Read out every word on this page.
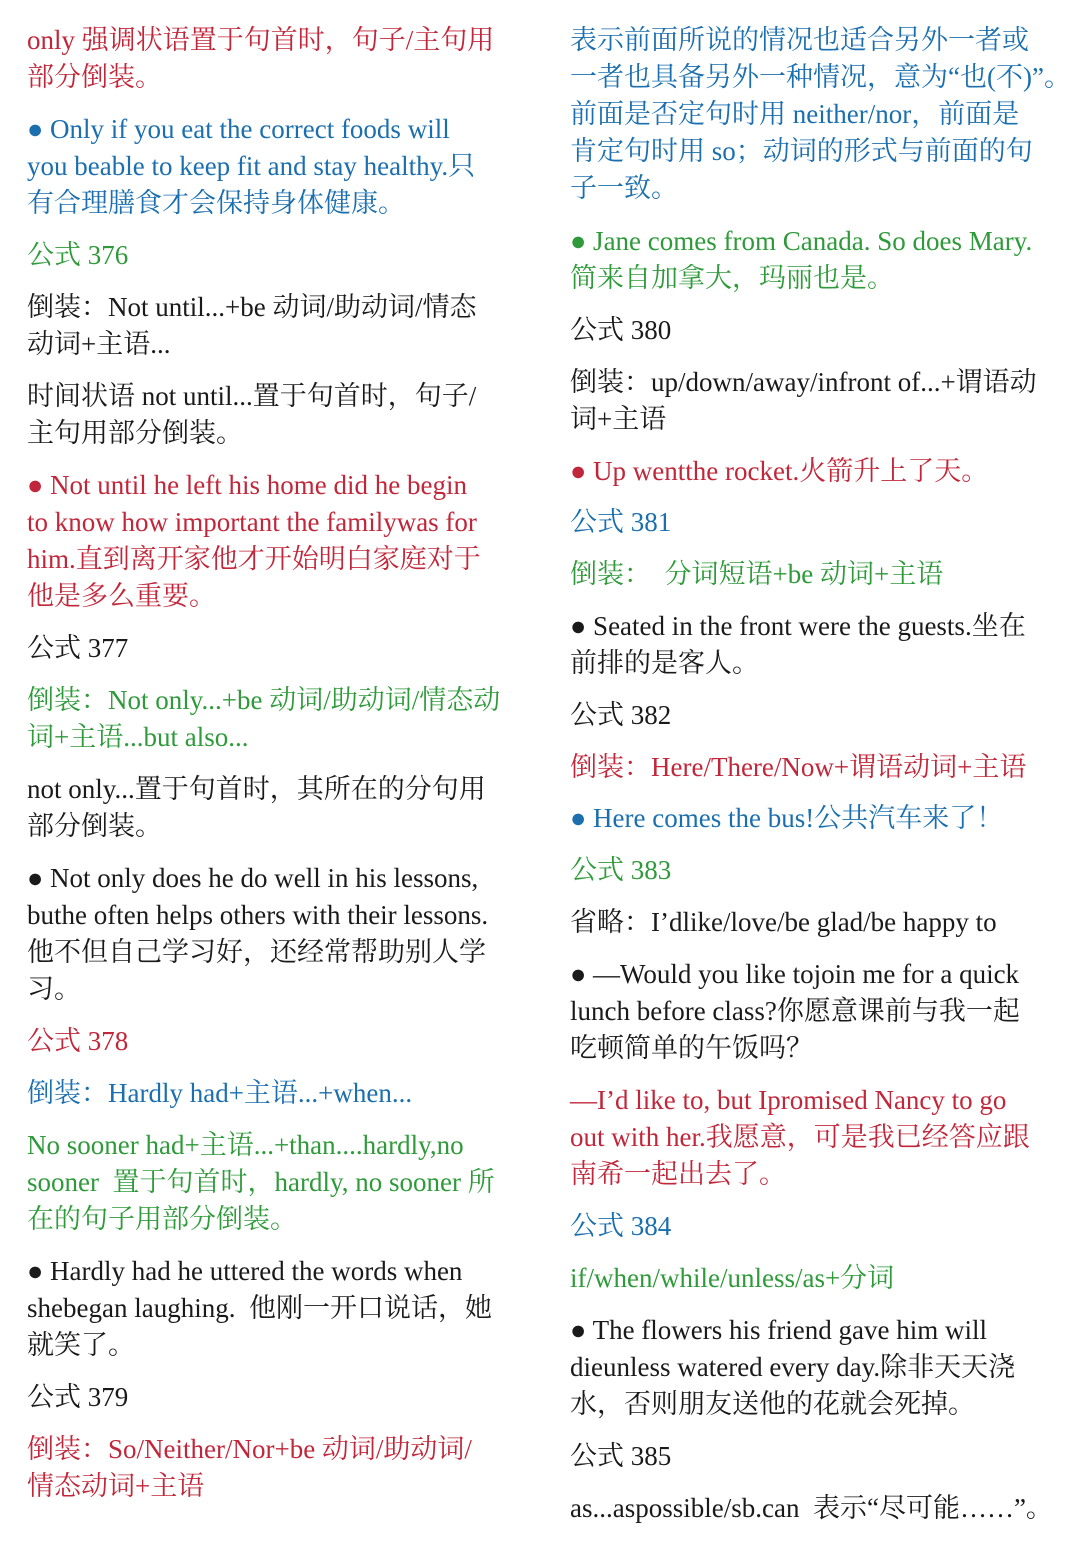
only 强调状语置于句首时，句子/主句用
部分倒装。

● Only if you eat the correct foods will
you beable to keep fit and stay healthy.只
有合理膳食才会保持身体健康。

公式 376

倒装：Not until...+be 动词/助动词/情态
动词+主语...

时间状语 not until...置于句首时，句子/
主句用部分倒装。

● Not until he left his home did he begin
to know how important the familywas for
him.直到离开家他才开始明白家庭对于
他是多么重要。

公式 377

倒装：Not only...+be 动词/助动词/情态动
词+主语...but also...

not only...置于句首时，其所在的分句用
部分倒装。

● Not only does he do well in his lessons,
buthe often helps others with their lessons.
他不但自己学习好，还经常帮助别人学
习。

公式 378

倒装：Hardly had+主语...+when...

No sooner had+主语...+than....hardly,no
sooner  置于句首时，hardly, no sooner 所
在的句子用部分倒装。

● Hardly had he uttered the words when
shebegan laughing.  他刚一开口说话，她
就笑了。

公式 379

倒装：So/Neither/Nor+be 动词/助动词/
情态动词+主语

表示前面所说的情况也适合另外一者或
一者也具备另外一种情况，意为“也(不)”。
前面是否定句时用 neither/nor，前面是
肯定句时用 so；动词的形式与前面的句
子一致。

● Jane comes from Canada. So does Mary.
简来自加拿大，玛丽也是。

公式 380

倒装：up/down/away/infront of...+谓语动
词+主语

● Up wentthe rocket.火箭升上了天。

公式 381

倒装：  分词短语+be 动词+主语

● Seated in the front were the guests.坐在
前排的是客人。

公式 382

倒装：Here/There/Now+谓语动词+主语

● Here comes the bus!公共汽车来了！

公式 383

省略：I’dlike/love/be glad/be happy to

● —Would you like tojoin me for a quick
lunch before class?你愿意课前与我一起
吃顿简单的午饭吗？

—I’d like to, but Ipromised Nancy to go
out with her.我愿意，可是我已经答应跟
南希一起出去了。

公式 384

if/when/while/unless/as+分词

● The flowers his friend gave him will
dieunless watered every day.除非天天浇
水，否则朋友送他的花就会死掉。

公式 385

as...aspossible/sb.can  表示“尽可能……”。
